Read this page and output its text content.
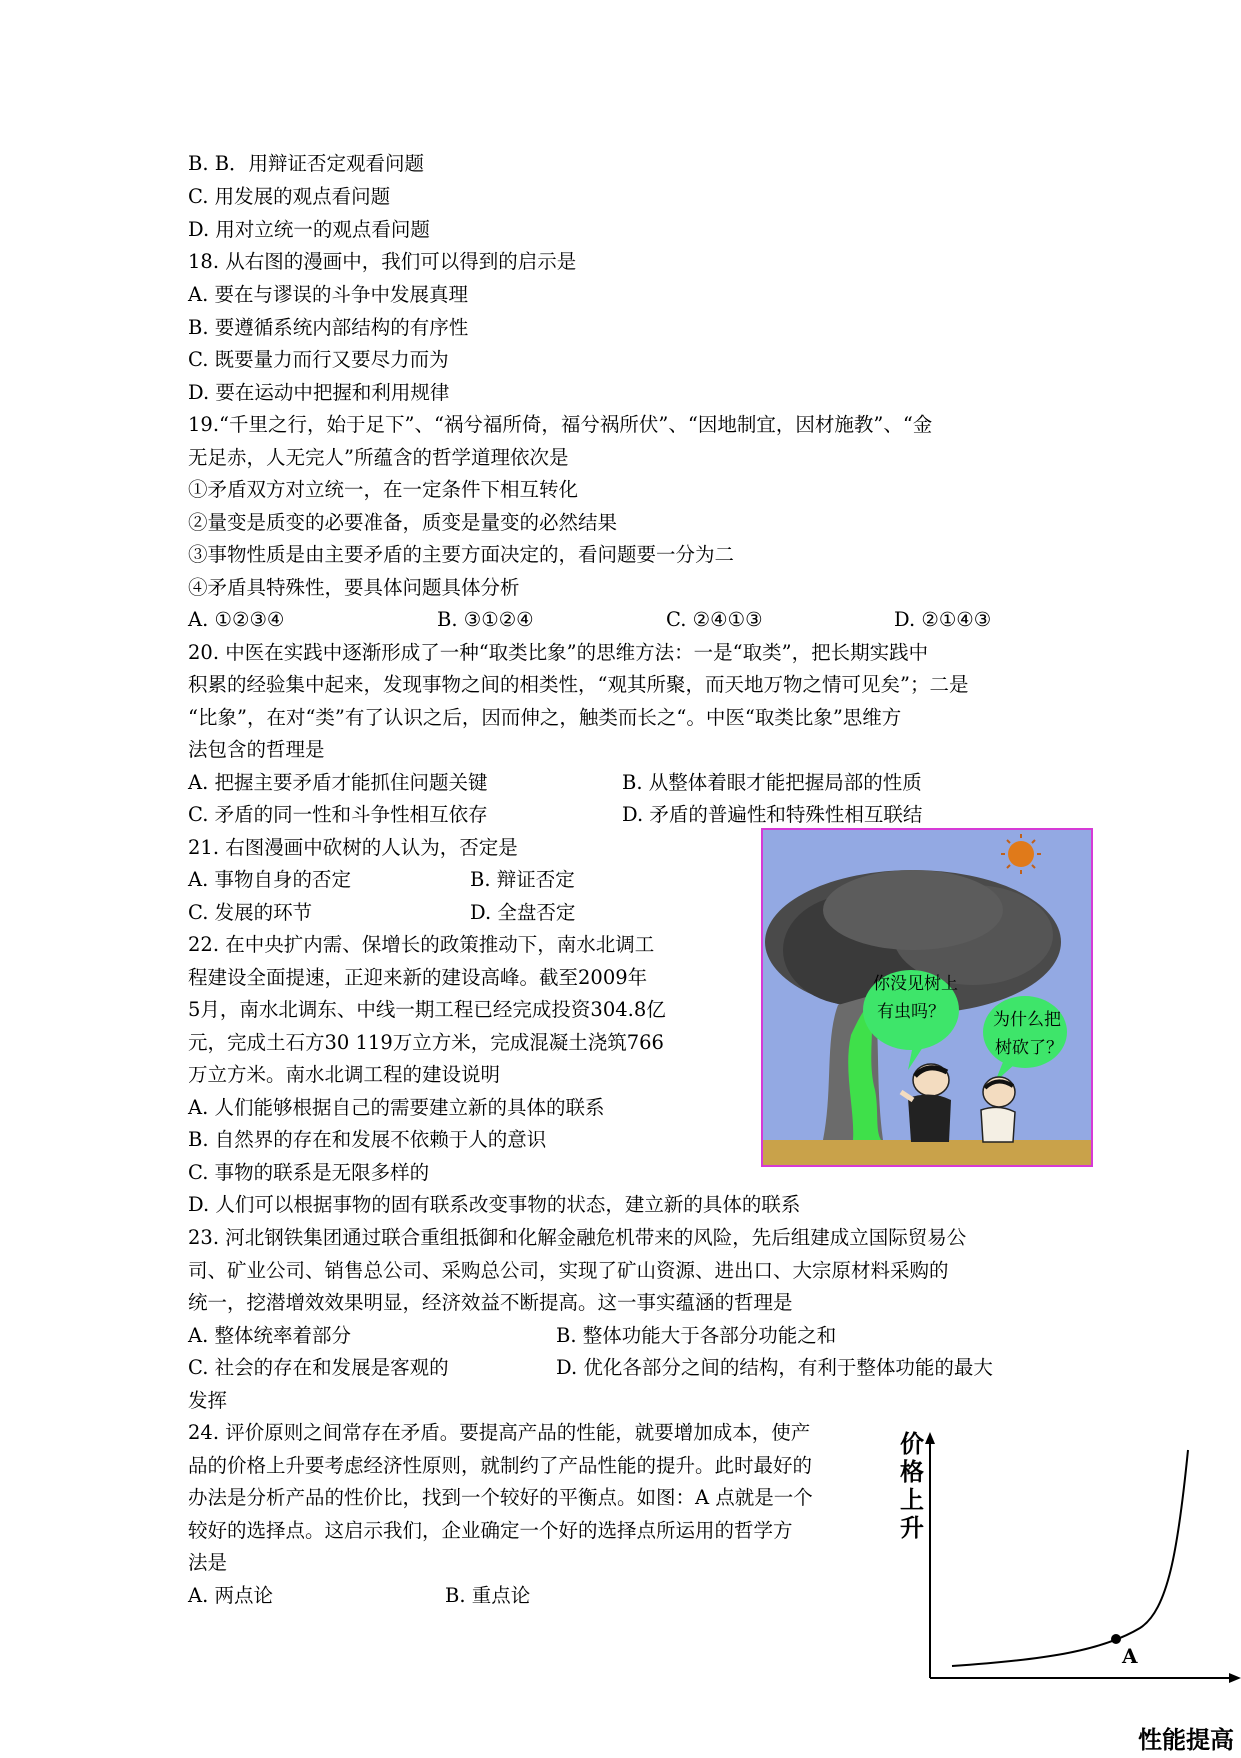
B. B．用辩证否定观看问题
C. 用发展的观点看问题
D. 用对立统一的观点看问题
18. 从右图的漫画中，我们可以得到的启示是
A. 要在与谬误的斗争中发展真理
B. 要遵循系统内部结构的有序性
C. 既要量力而行又要尽力而为
D. 要在运动中把握和利用规律
19.“千里之行，始于足下”、“祸兮福所倚，福兮祸所伏”、“因地制宜，因材施教”、“金
无足赤，人无完人”所蕴含的哲学道理依次是
①矛盾双方对立统一，在一定条件下相互转化
②量变是质变的必要准备，质变是量变的必然结果
③事物性质是由主要矛盾的主要方面决定的，看问题要一分为二
④矛盾具特殊性，要具体问题具体分析
A. ①②③④	B. ③①②④	C. ②④①③	D. ②①④③
20. 中医在实践中逐渐形成了一种“取类比象”的思维方法：一是“取类”，把长期实践中
积累的经验集中起来，发现事物之间的相类性，“观其所聚，而天地万物之情可见矣”；二是
“比象”，在对“类”有了认识之后，因而伸之，触类而长之“。中医“取类比象”思维方
法包含的哲理是
A. 把握主要矛盾才能抓住问题关键	B. 从整体着眼才能把握局部的性质
C. 矛盾的同一性和斗争性相互依存	D. 矛盾的普遍性和特殊性相互联结
21. 右图漫画中砍树的人认为，否定是
A. 事物自身的否定	B. 辩证否定
C. 发展的环节	D. 全盘否定
22. 在中央扩内需、保增长的政策推动下，南水北调工
程建设全面提速，正迎来新的建设高峰。截至2009年
5月，南水北调东、中线一期工程已经完成投资304.8亿
元，完成土石方30 119万立方米，完成混凝土浇筑766
万立方米。南水北调工程的建设说明
A. 人们能够根据自己的需要建立新的具体的联系
B. 自然界的存在和发展不依赖于人的意识
C. 事物的联系是无限多样的
D. 人们可以根据事物的固有联系改变事物的状态，建立新的具体的联系
23. 河北钢铁集团通过联合重组抵御和化解金融危机带来的风险，先后组建成立国际贸易公
司、矿业公司、销售总公司、采购总公司，实现了矿山资源、进出口、大宗原材料采购的
统一，挖潜增效效果明显，经济效益不断提高。这一事实蕴涵的哲理是
A. 整体统率着部分	B. 整体功能大于各部分功能之和
C. 社会的存在和发展是客观的	D. 优化各部分之间的结构，有利于整体功能的最大
发挥
24. 评价原则之间常存在矛盾。要提高产品的性能，就要增加成本，使产
品的价格上升要考虑经济性原则，就制约了产品性能的提升。此时最好的
办法是分析产品的性价比，找到一个较好的平衡点。如图：A 点就是一个
较好的选择点。这启示我们，企业确定一个好的选择点所运用的哲学方
法是
A. 两点论	B. 重点论
你没见树上
有虫吗？	为什么把
树砍了？
价格上升
A
性能提高
